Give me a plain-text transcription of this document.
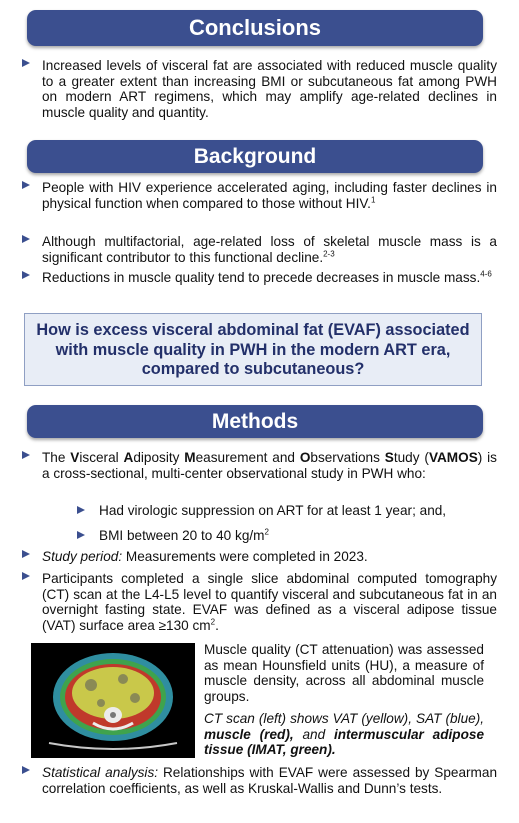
Conclusions
Increased levels of visceral fat are associated with reduced muscle quality to a greater extent than increasing BMI or subcutaneous fat among PWH on modern ART regimens, which may amplify age-related declines in muscle quality and quantity.
Background
People with HIV experience accelerated aging, including faster declines in physical function when compared to those without HIV.$^1$
Although multifactorial, age-related loss of skeletal muscle mass is a significant contributor to this functional decline.$^{2-3}$
Reductions in muscle quality tend to precede decreases in muscle mass.$^{4-6}$
How is excess visceral abdominal fat (EVAF) associated with muscle quality in PWH in the modern ART era, compared to subcutaneous?
Methods
The Visceral Adiposity Measurement and Observations Study (VAMOS) is a cross-sectional, multi-center observational study in PWH who:
Had virologic suppression on ART for at least 1 year; and,
BMI between 20 to 40 $kg/m^2$
Study period: Measurements were completed in 2023.
Participants completed a single slice abdominal computed tomography (CT) scan at the L4-L5 level to quantify visceral and subcutaneous fat in an overnight fasting state. EVAF was defined as a visceral adipose tissue (VAT) surface area ≥130 $cm^2$.
Muscle quality (CT attenuation) was assessed as mean Hounsfield units (HU), a measure of muscle density, across all abdominal muscle groups.
CT scan (left) shows VAT (yellow), SAT (blue), muscle (red), and intermuscular adipose tissue (IMAT, green).
Statistical analysis: Relationships with EVAF were assessed by Spearman correlation coefficients, as well as Kruskal-Wallis and Dunn’s tests.
